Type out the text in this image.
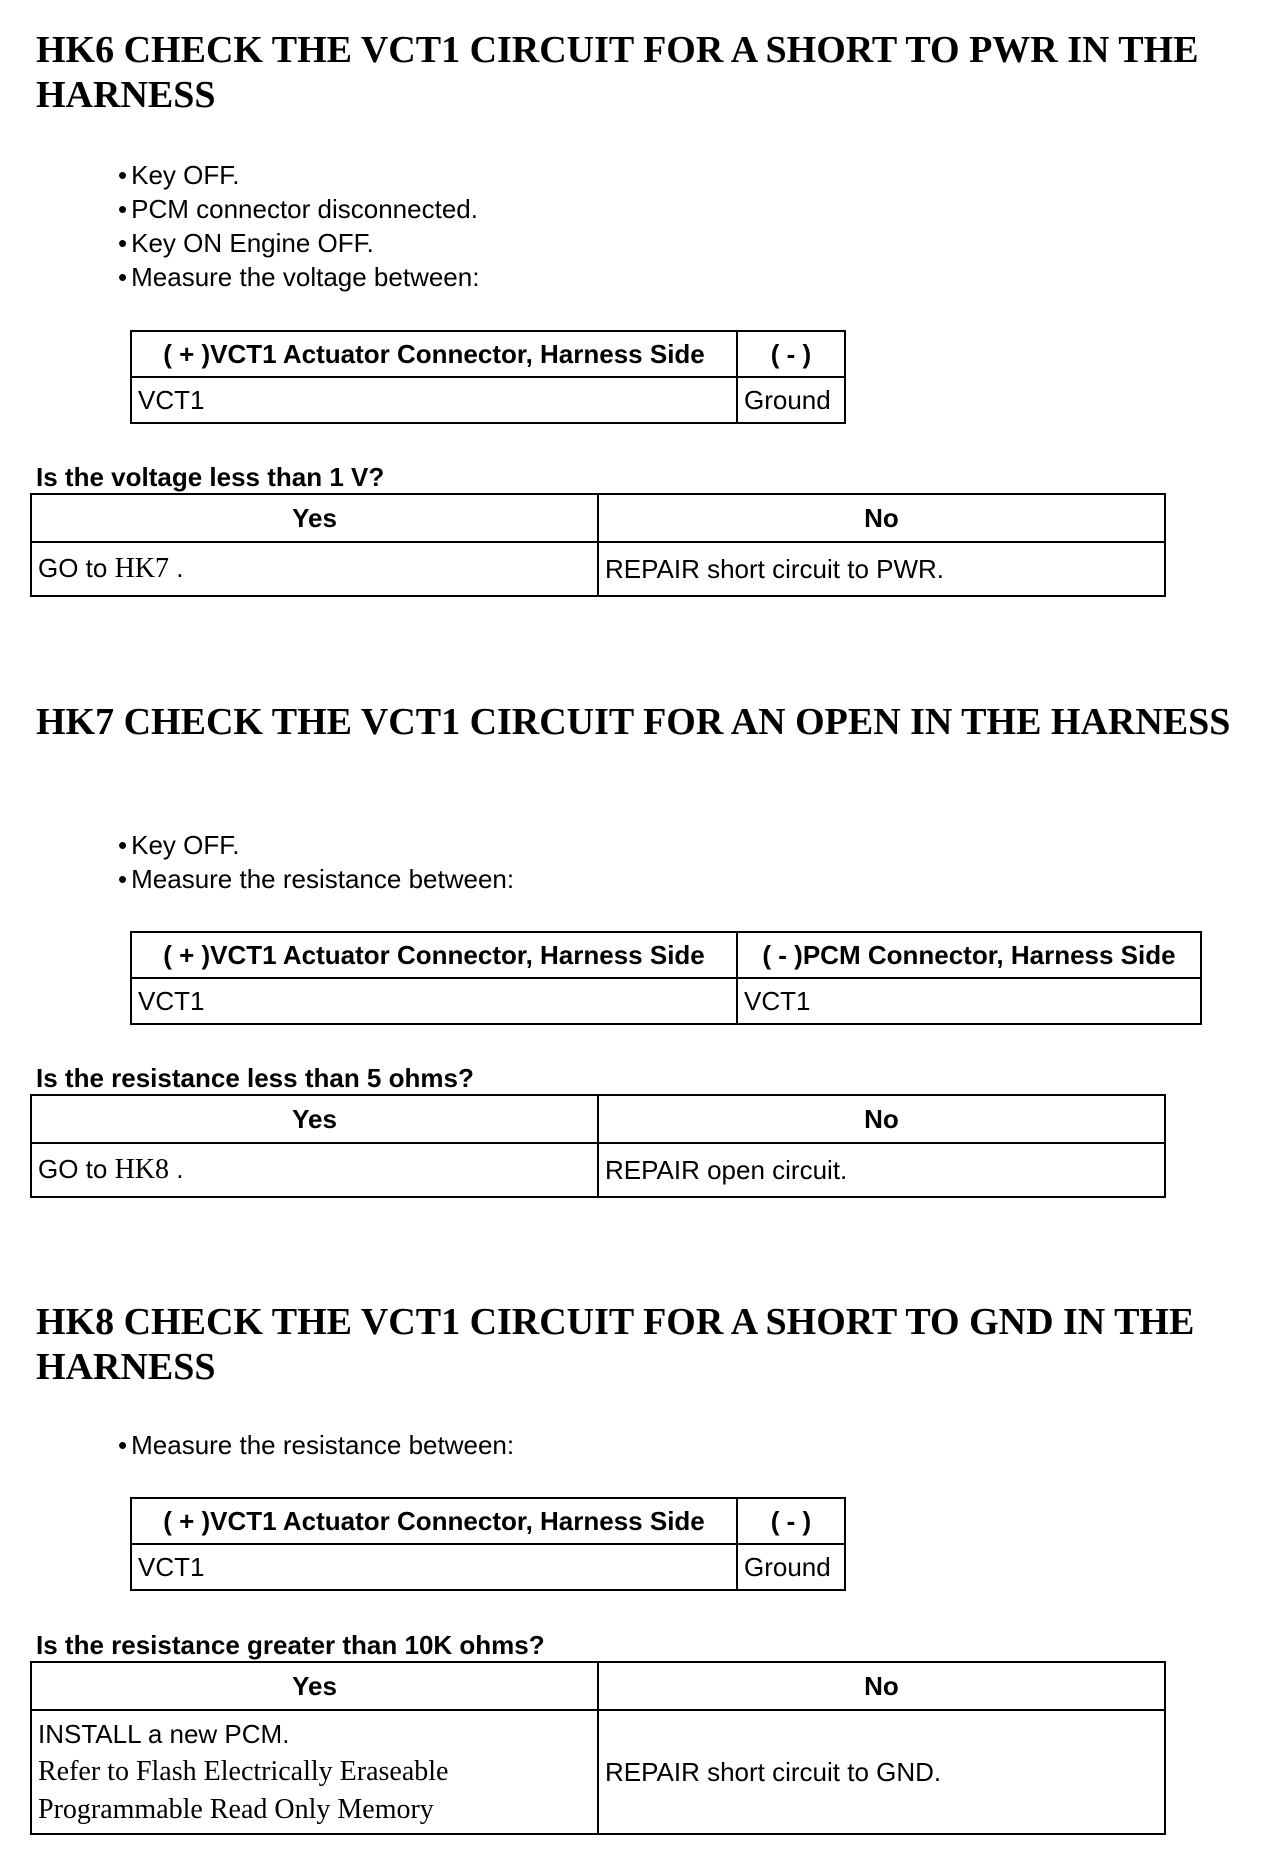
HK6 CHECK THE VCT1 CIRCUIT FOR A SHORT TO PWR IN THE HARNESS
• Key OFF.
• PCM connector disconnected.
• Key ON Engine OFF.
• Measure the voltage between:
( + )VCT1 Actuator Connector, Harness Side	( - )
VCT1	Ground

Is the voltage less than 1 V?

Yes	No
GO to HK7 .	REPAIR short circuit to PWR.
HK7 CHECK THE VCT1 CIRCUIT FOR AN OPEN IN THE HARNESS
• Key OFF.
• Measure the resistance between:
( + )VCT1 Actuator Connector, Harness Side	( - )PCM Connector, Harness Side
VCT1	VCT1

Is the resistance less than 5 ohms?

Yes	No
GO to HK8 .	REPAIR open circuit.
HK8 CHECK THE VCT1 CIRCUIT FOR A SHORT TO GND IN THE HARNESS
• Measure the resistance between:
( + )VCT1 Actuator Connector, Harness Side	( - )
VCT1	Ground

Is the resistance greater than 10K ohms?

Yes	No

INSTALL a new PCM.
Refer to Flash Electrically Eraseable
Programmable Read Only Memory	REPAIR short circuit to GND.
